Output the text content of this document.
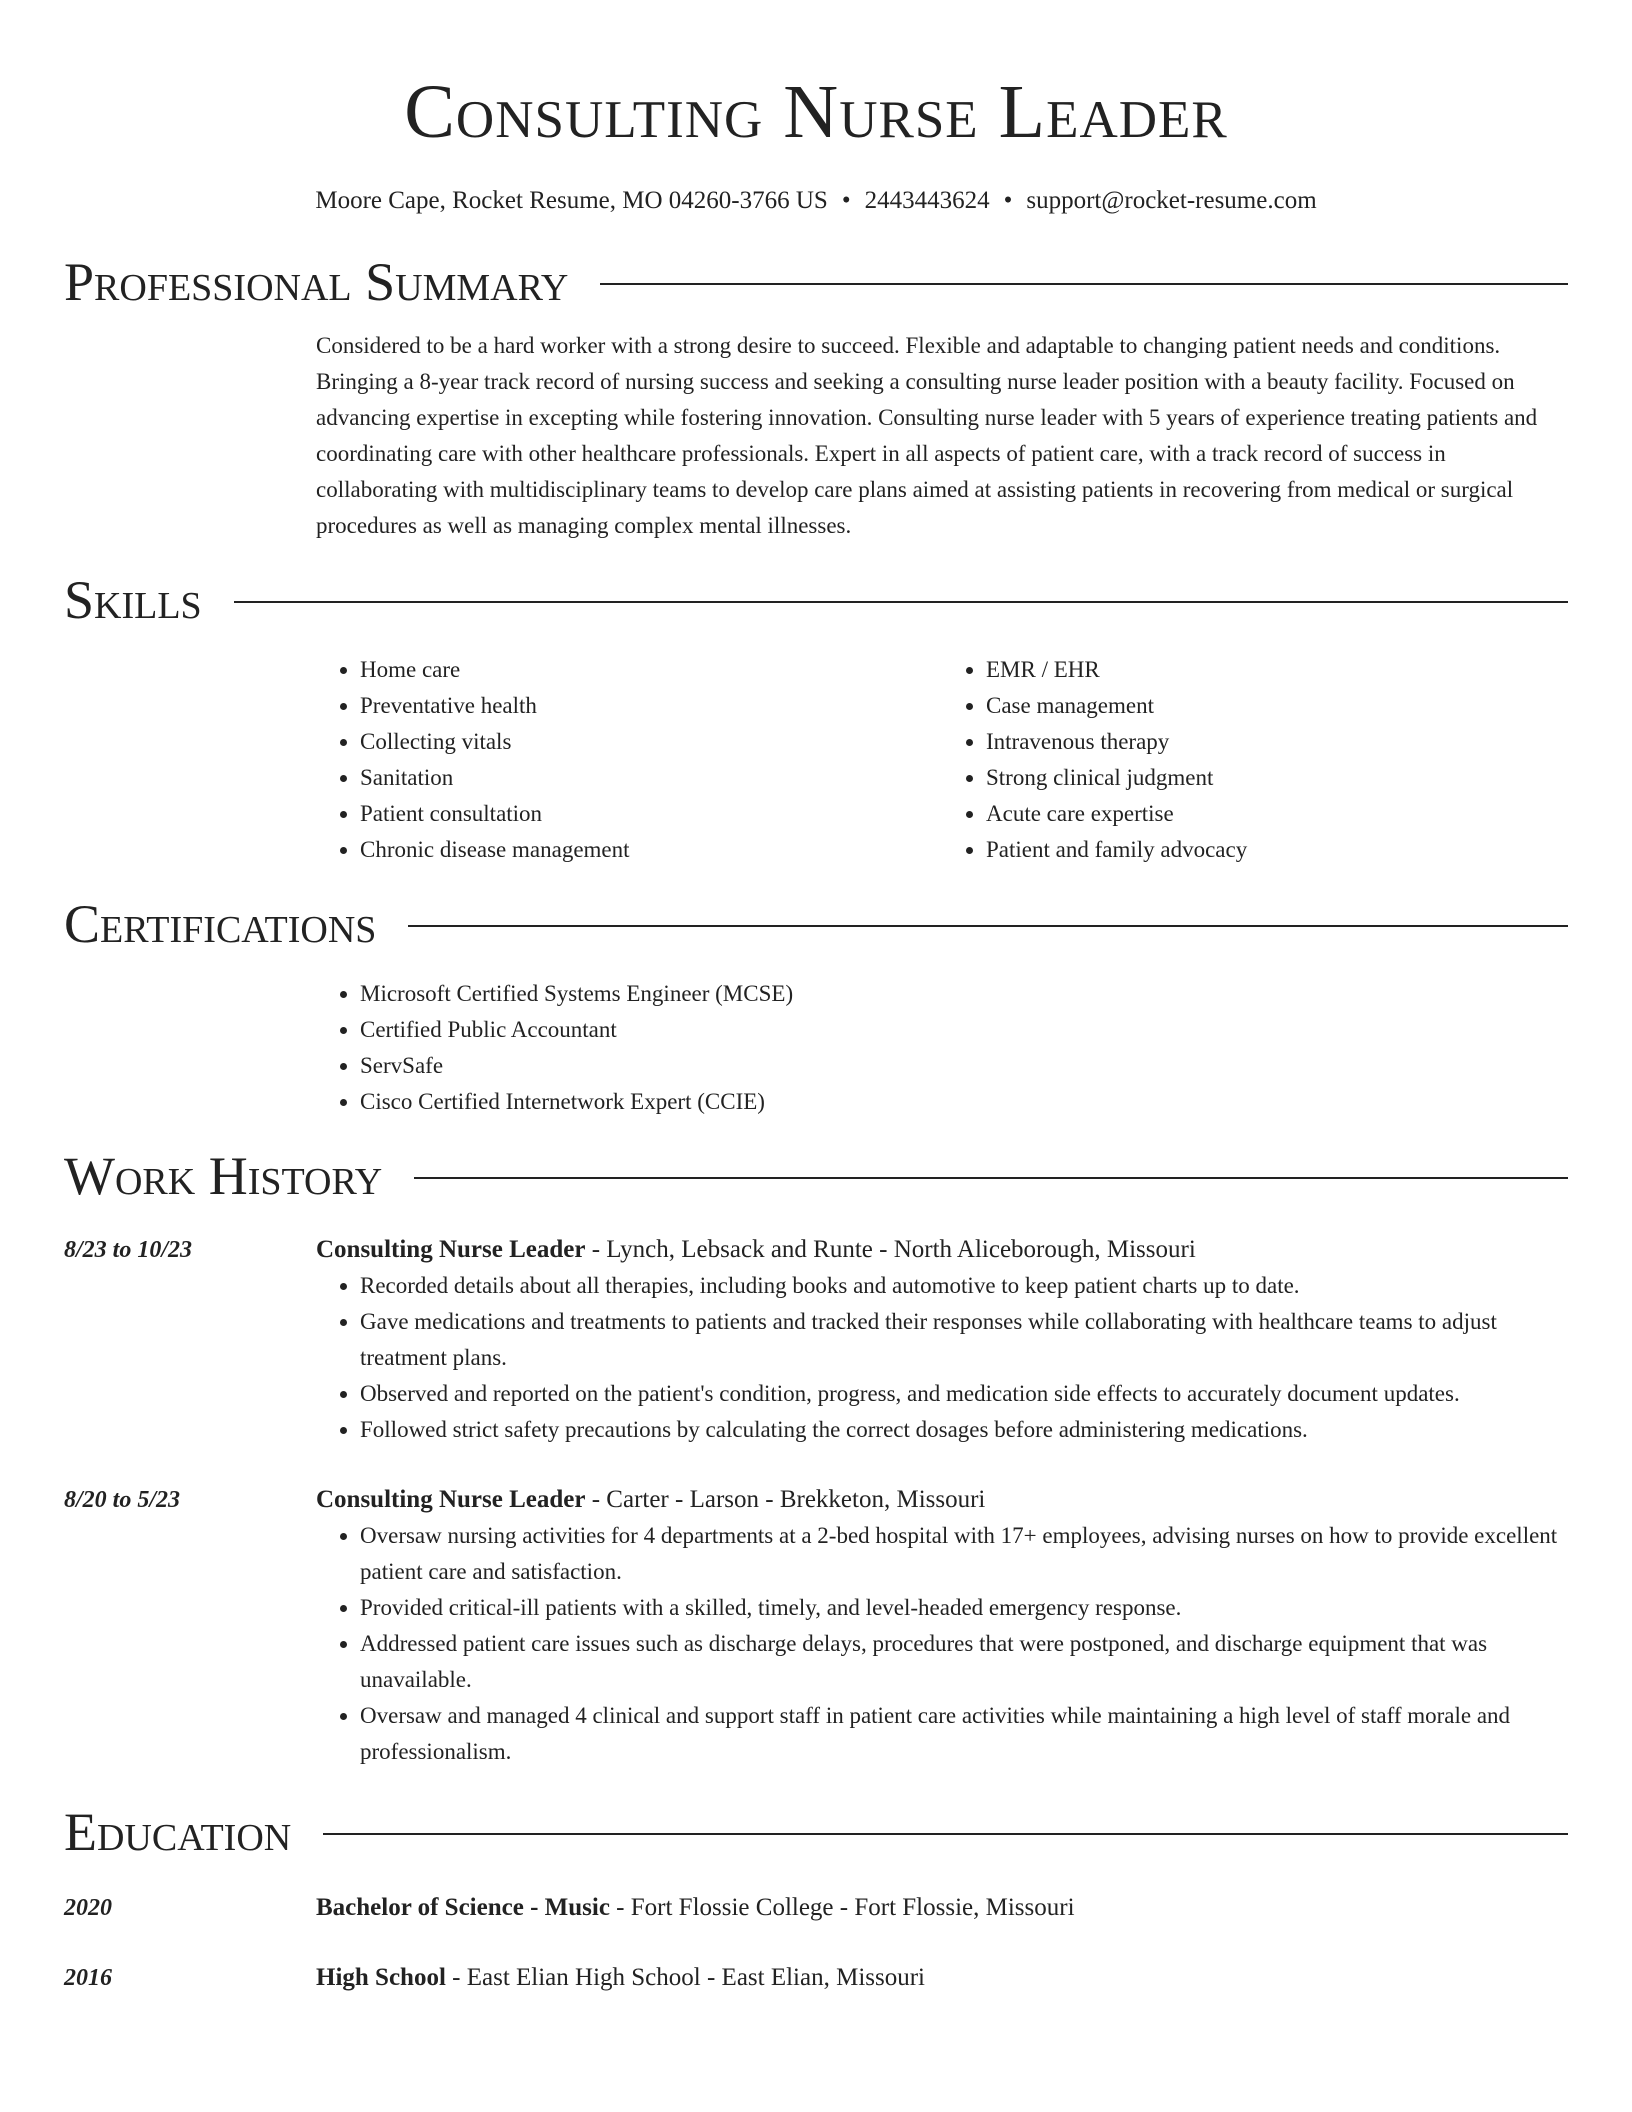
Consulting Nurse Leader
Moore Cape, Rocket Resume, MO 04260-3766 US • 2443443624 • support@rocket-resume.com
Professional Summary
Considered to be a hard worker with a strong desire to succeed. Flexible and adaptable to changing patient needs and conditions. Bringing a 8-year track record of nursing success and seeking a consulting nurse leader position with a beauty facility. Focused on advancing expertise in excepting while fostering innovation. Consulting nurse leader with 5 years of experience treating patients and coordinating care with other healthcare professionals. Expert in all aspects of patient care, with a track record of success in collaborating with multidisciplinary teams to develop care plans aimed at assisting patients in recovering from medical or surgical procedures as well as managing complex mental illnesses.
Skills
• Home care
• Preventative health
• Collecting vitals
• Sanitation
• Patient consultation
• Chronic disease management
• EMR / EHR
• Case management
• Intravenous therapy
• Strong clinical judgment
• Acute care expertise
• Patient and family advocacy
Certifications
• Microsoft Certified Systems Engineer (MCSE)
• Certified Public Accountant
• ServSafe
• Cisco Certified Internetwork Expert (CCIE)
Work History
8/23 to 10/23	Consulting Nurse Leader - Lynch, Lebsack and Runte - North Aliceborough, Missouri
• Recorded details about all therapies, including books and automotive to keep patient charts up to date.
• Gave medications and treatments to patients and tracked their responses while collaborating with healthcare teams to adjust treatment plans.
• Observed and reported on the patient's condition, progress, and medication side effects to accurately document updates.
• Followed strict safety precautions by calculating the correct dosages before administering medications.
8/20 to 5/23	Consulting Nurse Leader - Carter - Larson - Brekketon, Missouri
• Oversaw nursing activities for 4 departments at a 2-bed hospital with 17+ employees, advising nurses on how to provide excellent patient care and satisfaction.
• Provided critical-ill patients with a skilled, timely, and level-headed emergency response.
• Addressed patient care issues such as discharge delays, procedures that were postponed, and discharge equipment that was unavailable.
• Oversaw and managed 4 clinical and support staff in patient care activities while maintaining a high level of staff morale and professionalism.
Education
2020	Bachelor of Science - Music - Fort Flossie College - Fort Flossie, Missouri
2016	High School - East Elian High School - East Elian, Missouri
